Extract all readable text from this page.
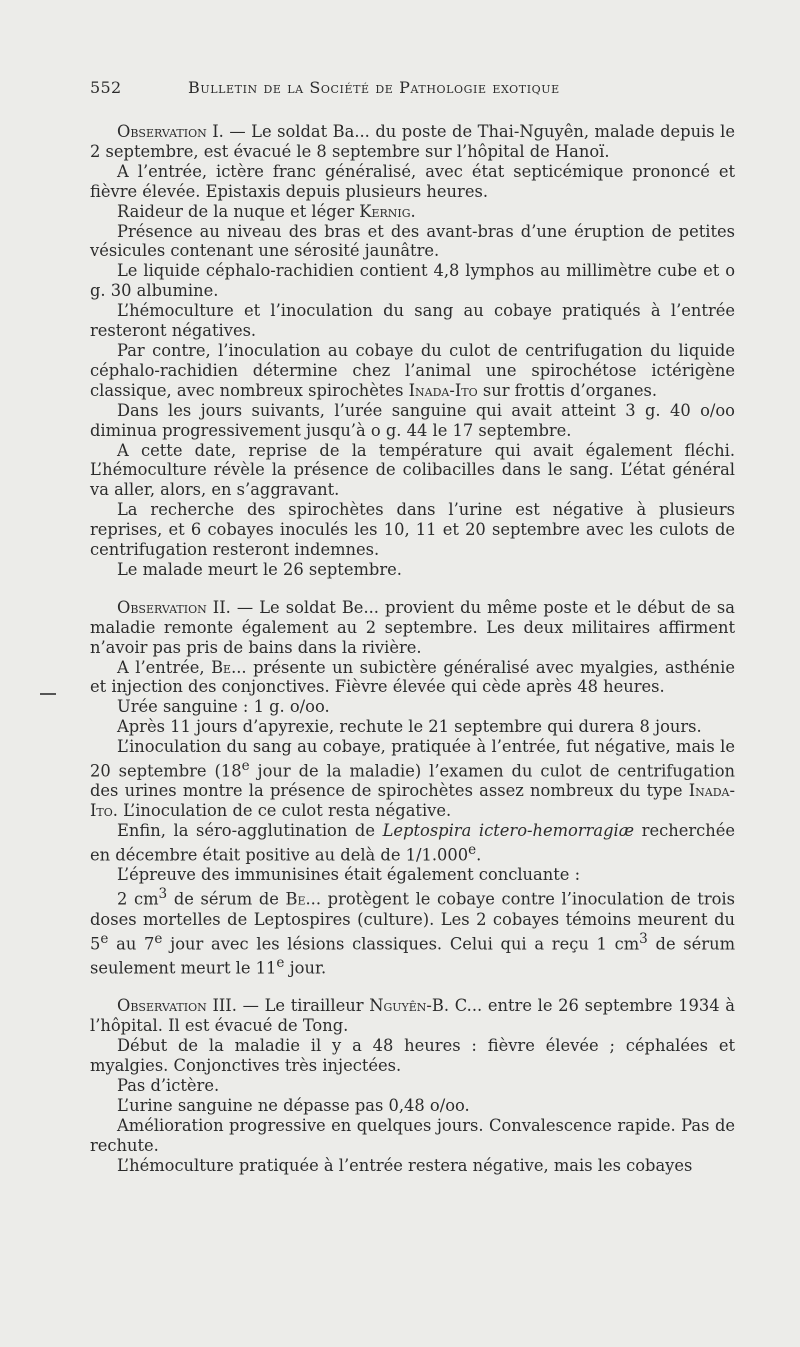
552	Bulletin de la Société de Pathologie exotique

Observation I. — Le soldat Ba... du poste de Thai-Nguyên, malade depuis le 2 septembre, est évacué le 8 septembre sur l’hôpital de Hanoï.

A l’entrée, ictère franc généralisé, avec état septicémique prononcé et fièvre élevée. Epistaxis depuis plusieurs heures.

Raideur de la nuque et léger Kernig.

Présence au niveau des bras et des avant-bras d’une éruption de petites vésicules contenant une sérosité jaunâtre.

Le liquide céphalo-rachidien contient 4,8 lymphos au millimètre cube et o g. 30 albumine.

L’hémoculture et l’inoculation du sang au cobaye pratiqués à l’entrée resteront négatives.

Par contre, l’inoculation au cobaye du culot de centrifugation du liquide céphalo-rachidien détermine chez l’animal une spirochétose ictérigène classique, avec nombreux spirochètes Inada-Ito sur frottis d’organes.

Dans les jours suivants, l’urée sanguine qui avait atteint 3 g. 40 o/oo diminua progressivement jusqu’à o g. 44 le 17 septembre.

A cette date, reprise de la température qui avait également fléchi. L’hémoculture révèle la présence de colibacilles dans le sang. L’état général va aller, alors, en s’aggravant.

La recherche des spirochètes dans l’urine est négative à plusieurs reprises, et 6 cobayes inoculés les 10, 11 et 20 septembre avec les culots de centrifugation resteront indemnes.

Le malade meurt le 26 septembre.

Observation II. — Le soldat Be... provient du même poste et le début de sa maladie remonte également au 2 septembre. Les deux militaires affirment n’avoir pas pris de bains dans la rivière.

A l’entrée, Be... présente un subictère généralisé avec myalgies, asthénie et injection des conjonctives. Fièvre élevée qui cède après 48 heures.

Urée sanguine : 1 g. o/oo.

Après 11 jours d’apyrexie, rechute le 21 septembre qui durera 8 jours.

L’inoculation du sang au cobaye, pratiquée à l’entrée, fut négative, mais le 20 septembre (18e jour de la maladie) l’examen du culot de centrifugation des urines montre la présence de spirochètes assez nombreux du type Inada-Ito. L’inoculation de ce culot resta négative.

Enfin, la séro-agglutination de Leptospira ictero-hemorragiæ recherchée en décembre était positive au delà de 1/1.000e.

L’épreuve des immunisines était également concluante :

2 $cm^3$ de sérum de Be... protègent le cobaye contre l’inoculation de trois doses mortelles de Leptospires (culture). Les 2 cobayes témoins meurent du 5e au 7e jour avec les lésions classiques. Celui qui a reçu 1 $cm^3$ de sérum seulement meurt le 11e jour.

Observation III. — Le tirailleur Nguyên-B. C... entre le 26 septembre 1934 à l’hôpital. Il est évacué de Tong.

Début de la maladie il y a 48 heures : fièvre élevée ; céphalées et myalgies. Conjonctives très injectées.

Pas d’ictère.

L’urine sanguine ne dépasse pas 0,48 o/oo.

Amélioration progressive en quelques jours. Convalescence rapide. Pas de rechute.

L’hémoculture pratiquée à l’entrée restera négative, mais les cobayes
